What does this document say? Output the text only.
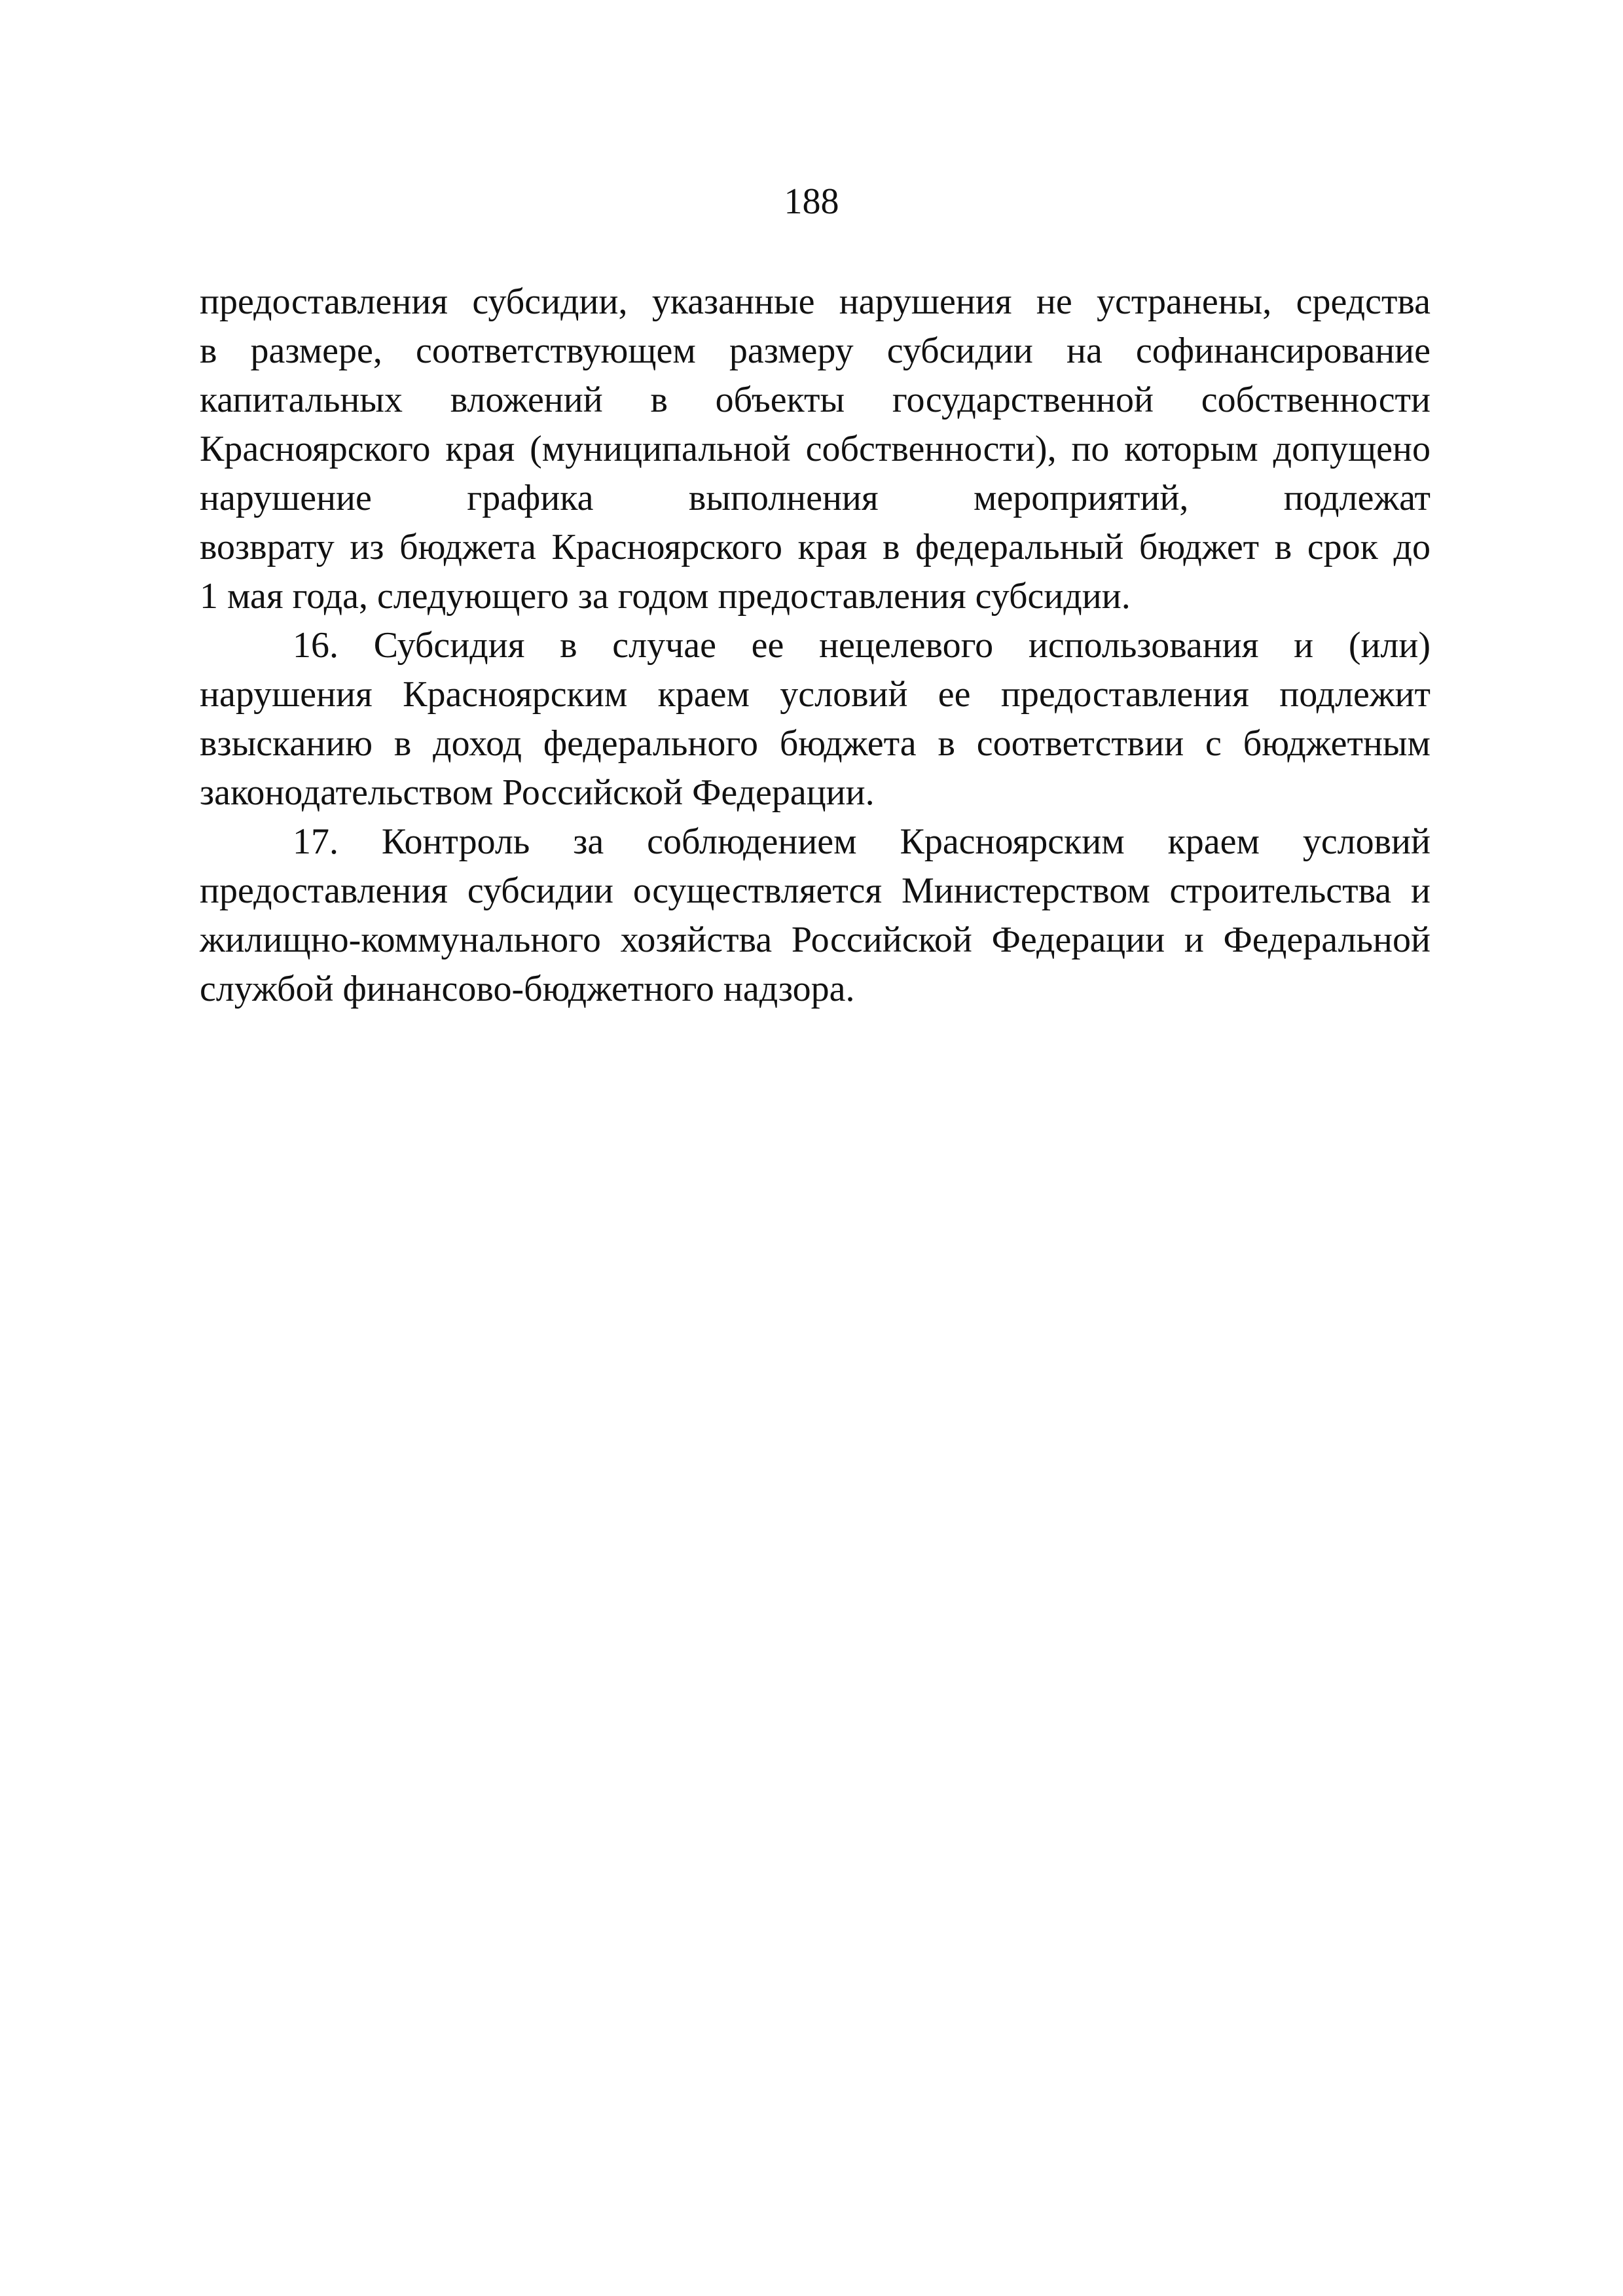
188
предоставления субсидии, указанные нарушения не устранены, средства
в размере, соответствующем размеру субсидии на софинансирование
капитальных вложений в объекты государственной собственности
Красноярского края (муниципальной собственности), по которым допущено
нарушение графика выполнения мероприятий, подлежат
возврату из бюджета Красноярского края в федеральный бюджет в срок до
1 мая года, следующего за годом предоставления субсидии.
16. Субсидия в случае ее нецелевого использования и (или)
нарушения Красноярским краем условий ее предоставления подлежит
взысканию в доход федерального бюджета в соответствии с бюджетным
законодательством Российской Федерации.
17. Контроль за соблюдением Красноярским краем условий
предоставления субсидии осуществляется Министерством строительства и
жилищно-коммунального хозяйства Российской Федерации и Федеральной
службой финансово-бюджетного надзора.
